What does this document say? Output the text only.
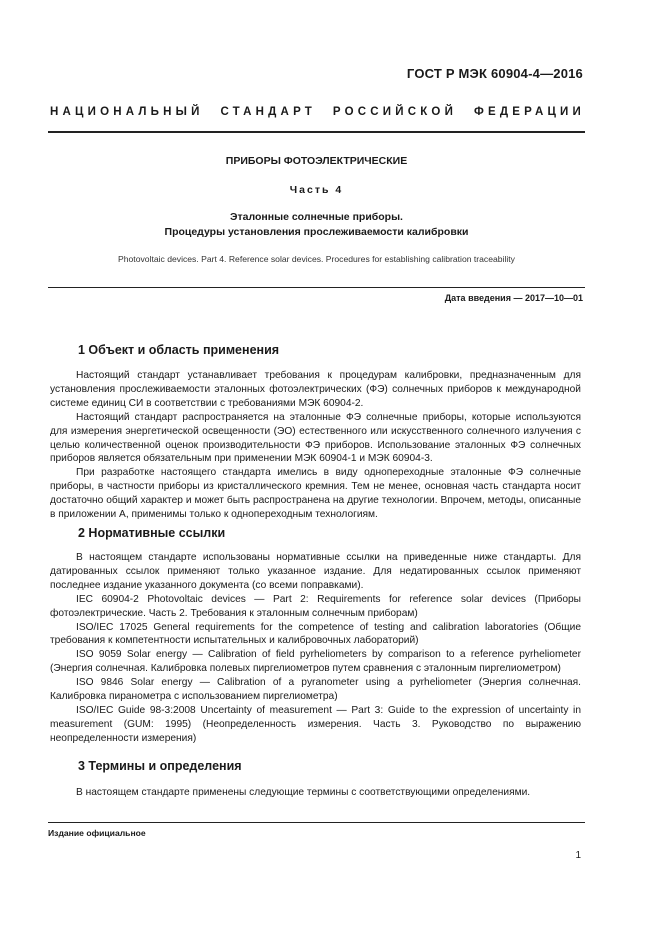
ГОСТ Р МЭК 60904-4—2016
НАЦИОНАЛЬНЫЙ СТАНДАРТ РОССИЙСКОЙ ФЕДЕРАЦИИ
ПРИБОРЫ ФОТОЭЛЕКТРИЧЕСКИЕ
Часть 4
Эталонные солнечные приборы.
Процедуры установления прослеживаемости калибровки
Photovoltaic devices. Part 4. Reference solar devices. Procedures for establishing calibration traceability
Дата введения — 2017—10—01
1 Объект и область применения

Настоящий стандарт устанавливает требования к процедурам калибровки, предназначенным для установления прослеживаемости эталонных фотоэлектрических (ФЭ) солнечных приборов к международной системе единиц СИ в соответствии с требованиями МЭК 60904-2.

Настоящий стандарт распространяется на эталонные ФЭ солнечные приборы, которые используются для измерения энергетической освещенности (ЭО) естественного или искусственного солнечного излучения с целью количественной оценок производительности ФЭ приборов. Использование эталонных ФЭ солнечных приборов является обязательным при применении МЭК 60904-1 и МЭК 60904-3.

При разработке настоящего стандарта имелись в виду однопереходные эталонные ФЭ солнечные приборы, в частности приборы из кристаллического кремния. Тем не менее, основная часть стандарта носит достаточно общий характер и может быть распространена на другие технологии. Впрочем, методы, описанные в приложении А, применимы только к однопереходным технологиям.

2 Нормативные ссылки

В настоящем стандарте использованы нормативные ссылки на приведенные ниже стандарты. Для датированных ссылок применяют только указанное издание. Для недатированных ссылок применяют последнее издание указанного документа (со всеми поправками).

IEC 60904-2 Photovoltaic devices — Part 2: Requirements for reference solar devices (Приборы фотоэлектрические. Часть 2. Требования к эталонным солнечным приборам)

ISO/IEC 17025 General requirements for the competence of testing and calibration laboratories (Общие требования к компетентности испытательных и калибровочных лабораторий)

ISO 9059 Solar energy — Calibration of field pyrheliometers by comparison to a reference pyrheliometer (Энергия солнечная. Калибровка полевых пиргелиометров путем сравнения с эталонным пиргелиометром)

ISO 9846 Solar energy — Calibration of a pyranometer using a pyrheliometer (Энергия солнечная. Калибровка пиранометра с использованием пиргелиометра)

ISO/IEC Guide 98-3:2008 Uncertainty of measurement — Part 3: Guide to the expression of uncertainty in measurement (GUM: 1995) (Неопределенность измерения. Часть 3. Руководство по выражению неопределенности измерения)

3 Термины и определения

В настоящем стандарте применены следующие термины с соответствующими определениями.

Издание официальное
1
